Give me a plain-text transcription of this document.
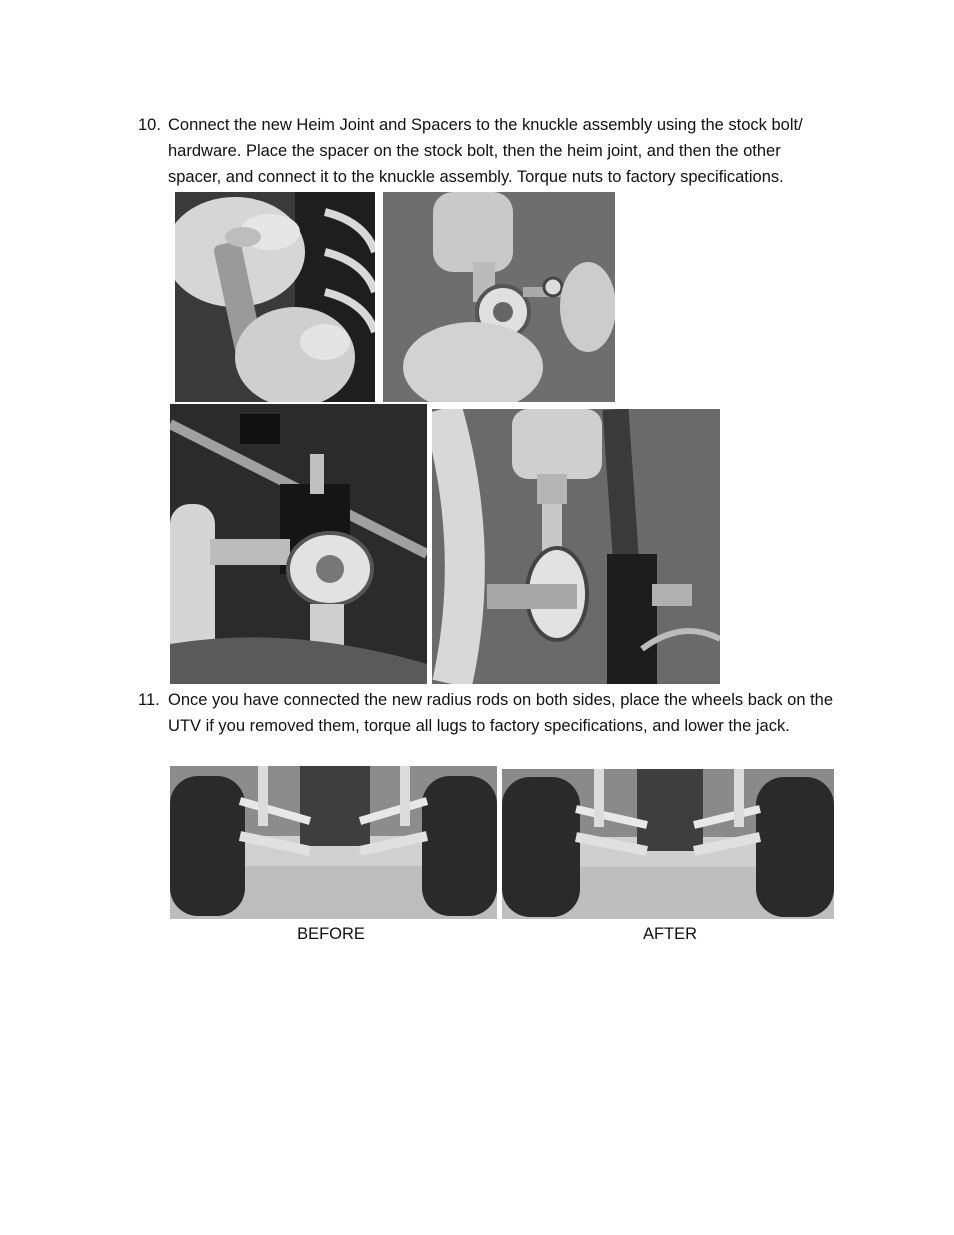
10. Connect the new Heim Joint and Spacers to the knuckle assembly using the stock bolt/ hardware. Place the spacer on the stock bolt, then the heim joint, and then the other spacer, and connect it to the knuckle assembly. Torque nuts to factory specifications.
11. Once you have connected the new radius rods on both sides, place the wheels back on the UTV if you removed them, torque all lugs to factory specifications, and lower the jack.
BEFORE	AFTER
